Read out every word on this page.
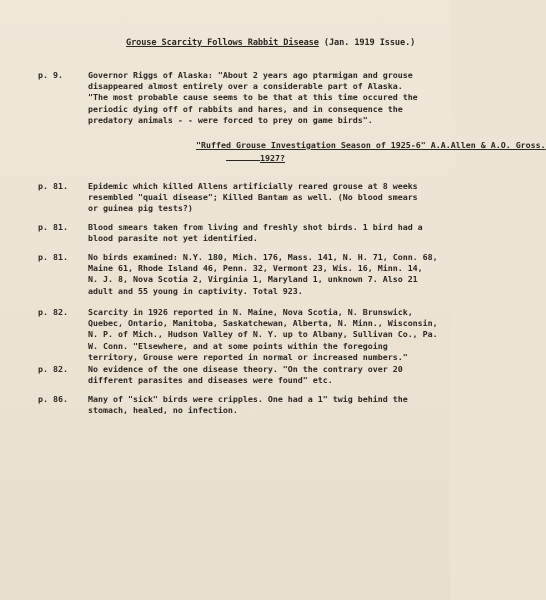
Grouse Scarcity Follows Rabbit Disease (Jan. 1919 Issue.)
p. 9.	Governor Riggs of Alaska: "About 2 years ago ptarmigan and grouse
disappeared almost entirely over a considerable part of Alaska.
"The most probable cause seems to be that at this time occured the
periodic dying off of rabbits and hares, and in consequence the
predatory animals - - were forced to prey on game birds".
"Ruffed Grouse Investigation Season of 1925-6" A.A.Allen & A.O. Gross.
1927?
p. 81. Epidemic which killed Allens artificially reared grouse at 8 weeks
resembled "quail disease"; Killed Bantam as well. (No blood smears
or guinea pig tests?)
p. 81. Blood smears taken from living and freshly shot birds. 1 bird had a
blood parasite not yet identified.
p. 81. No birds examined: N.Y. 180, Mich. 176, Mass. 141, N. H. 71, Conn. 68,
Maine 61, Rhode Island 46, Penn. 32, Vermont 23, Wis. 16, Minn. 14,
N. J. 8, Nova Scotia 2, Virginia 1, Maryland 1, unknown 7. Also 21
adult and 55 young in captivity. Total 923.
p. 82. Scarcity in 1926 reported in N. Maine, Nova Scotia, N. Brunswick,
Quebec, Ontario, Manitoba, Saskatchewan, Alberta, N. Minn., Wisconsin,
N. P. of Mich., Hudson Valley of N. Y. up to Albany, Sullivan Co., Pa.
W. Conn. "Elsewhere, and at some points within the foregoing
territory, Grouse were reported in normal or increased numbers."
p. 82. No evidence of the one disease theory. "On the contrary over 20
different parasites and diseases were found" etc.
p. 86. Many of "sick" birds were cripples. One had a 1" twig behind the
stomach, healed, no infection.
